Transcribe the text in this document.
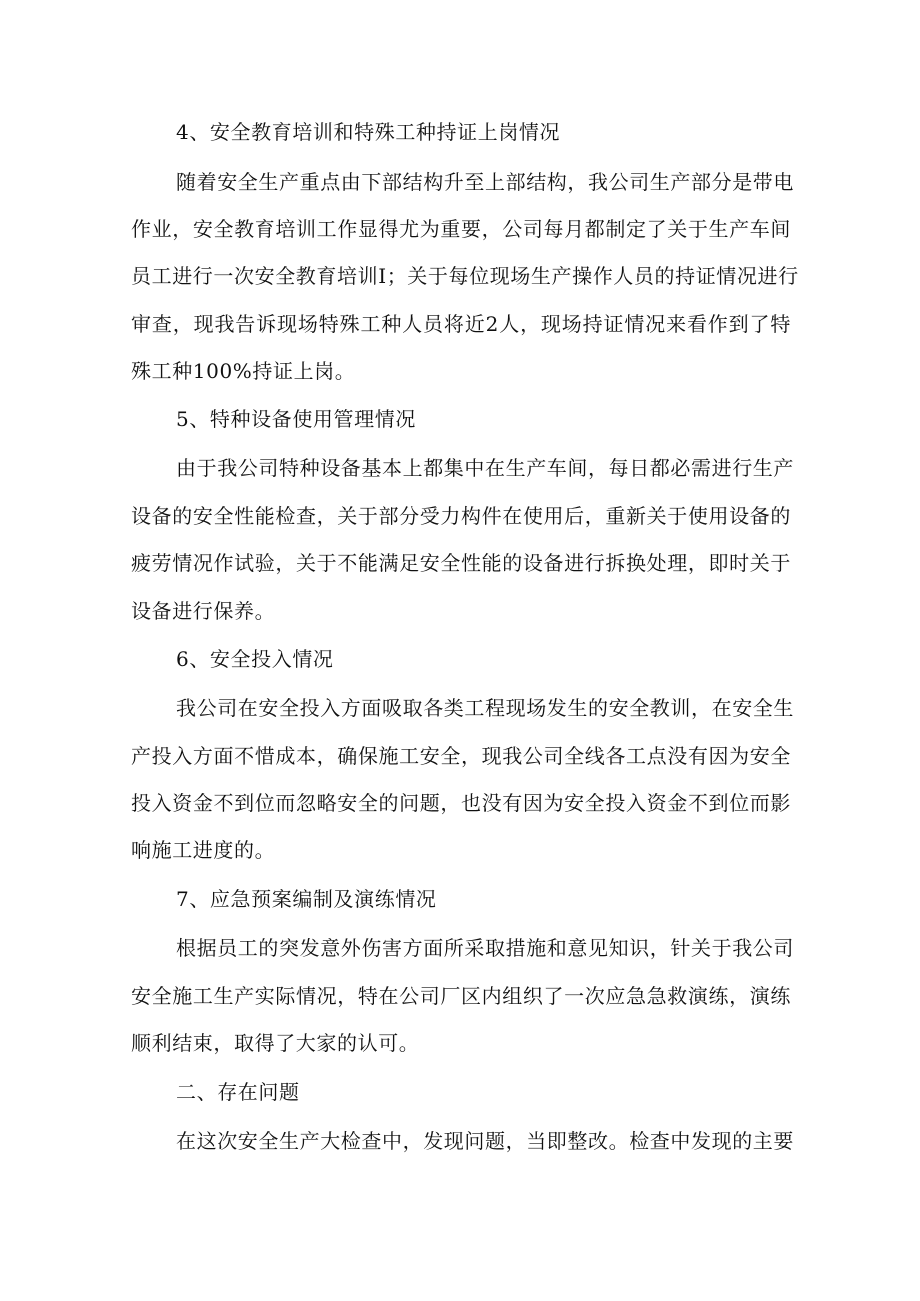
4、安全教育培训和特殊工种持证上岗情况
随着安全生产重点由下部结构升至上部结构，我公司生产部分是带电
作业，安全教育培训工作显得尤为重要，公司每月都制定了关于生产车间
员工进行一次安全教育培训I；关于每位现场生产操作人员的持证情况进行
审查，现我告诉现场特殊工种人员将近2人，现场持证情况来看作到了特
殊工种100%持证上岗。
5、特种设备使用管理情况
由于我公司特种设备基本上都集中在生产车间，每日都必需进行生产
设备的安全性能检查，关于部分受力构件在使用后，重新关于使用设备的
疲劳情况作试验，关于不能满足安全性能的设备进行拆换处理，即时关于
设备进行保养。
6、安全投入情况
我公司在安全投入方面吸取各类工程现场发生的安全教训，在安全生
产投入方面不惜成本，确保施工安全，现我公司全线各工点没有因为安全
投入资金不到位而忽略安全的问题，也没有因为安全投入资金不到位而影
响施工进度的。
7、应急预案编制及演练情况
根据员工的突发意外伤害方面所采取措施和意见知识，针关于我公司
安全施工生产实际情况，特在公司厂区内组织了一次应急急救演练，演练
顺利结束，取得了大家的认可。
二、存在问题
在这次安全生产大检查中，发现问题，当即整改。检查中发现的主要
